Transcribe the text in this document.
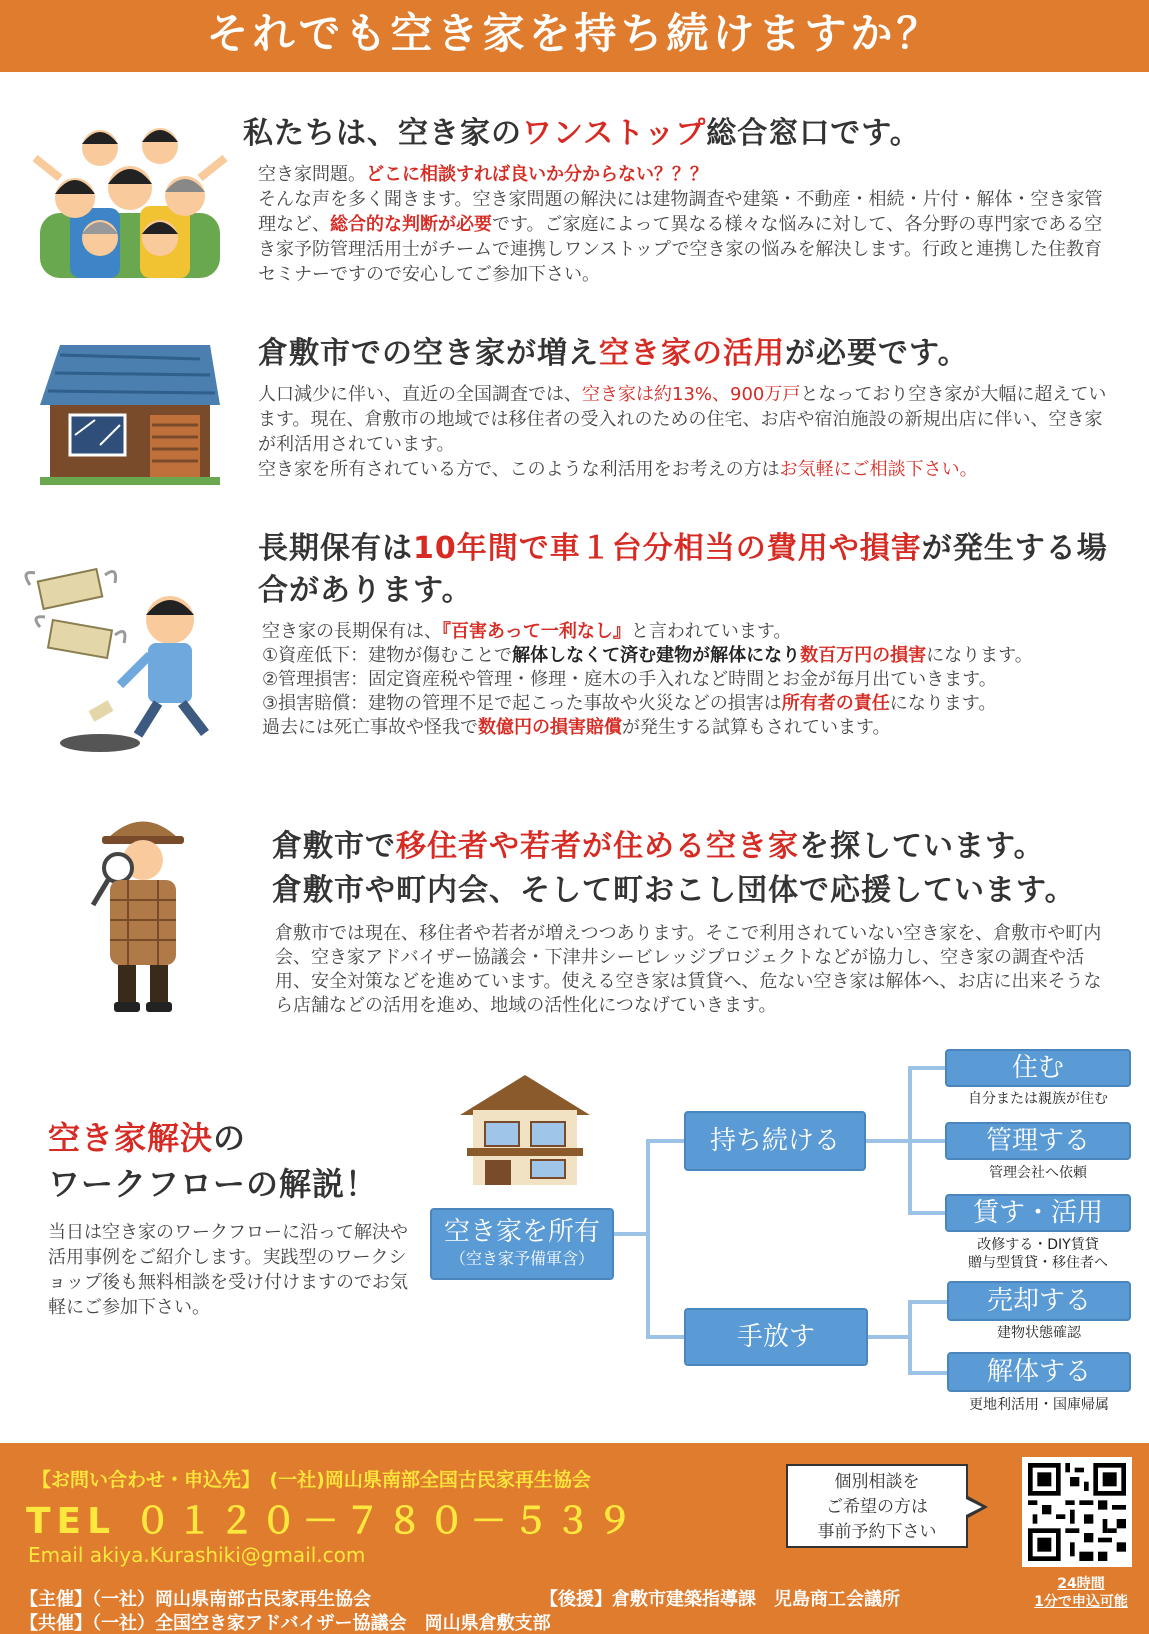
それでも空き家を持ち続けますか？
私たちは、空き家のワンストップ総合窓口です。
空き家問題。どこに相談すれば良いか分からない？？？
そんな声を多く聞きます。空き家問題の解決には建物調査や建築・不動産・相続・片付・解体・空き家管理など、総合的な判断が必要です。ご家庭によって異なる様々な悩みに対して、各分野の専門家である空き家予防管理活用士がチームで連携しワンストップで空き家の悩みを解決します。行政と連携した住教育セミナーですので安心してご参加下さい。
倉敷市での空き家が増え空き家の活用が必要です。
人口減少に伴い、直近の全国調査では、空き家は約13%、900万戸となっており空き家が大幅に超えています。現在、倉敷市の地域では移住者の受入れのための住宅、お店や宿泊施設の新規出店に伴い、空き家が利活用されています。
空き家を所有されている方で、このような利活用をお考えの方はお気軽にご相談下さい。
長期保有は10年間で車１台分相当の費用や損害が発生する場合があります。
空き家の長期保有は、『百害あって一利なし』と言われています。
①資産低下：建物が傷むことで解体しなくて済む建物が解体になり数百万円の損害になります。
②管理損害：固定資産税や管理・修理・庭木の手入れなど時間とお金が毎月出ていきます。
③損害賠償：建物の管理不足で起こった事故や火災などの損害は所有者の責任になります。
過去には死亡事故や怪我で数億円の損害賠償が発生する試算もされています。
倉敷市で移住者や若者が住める空き家を探しています。
倉敷市や町内会、そして町おこし団体で応援しています。
倉敷市では現在、移住者や若者が増えつつあります。そこで利用されていない空き家を、倉敷市や町内会、空き家アドバイザー協議会・下津井シービレッジプロジェクトなどが協力し、空き家の調査や活用、安全対策などを進めています。使える空き家は賃貸へ、危ない空き家は解体へ、お店に出来そうなら店舗などの活用を進め、地域の活性化につなげていきます。
空き家解決の
ワークフローの解説！
当日は空き家のワークフローに沿って解決や活用事例をご紹介します。実践型のワークショップ後も無料相談を受け付けますのでお気軽にご参加下さい。
空き家を所有
（空き家予備軍含）
持ち続ける
手放す
住む
自分または親族が住む
管理する
管理会社へ依頼
賃す・活用
改修する・DIY賃貸
贈与型賃貸・移住者へ
売却する
建物状態確認
解体する
更地利活用・国庫帰属
【お問い合わせ・申込先】　(一社)岡山県南部全国古民家再生協会
TEL ０１２０－７８０－５３９
Email akiya.Kurashiki@gmail.com
【主催】（一社）岡山県南部古民家再生協会	【後援】倉敷市建築指導課　児島商工会議所
【共催】（一社）全国空き家アドバイザー協議会　岡山県倉敷支部
個別相談を
ご希望の方は
事前予約下さい
24時間
1分で申込可能
